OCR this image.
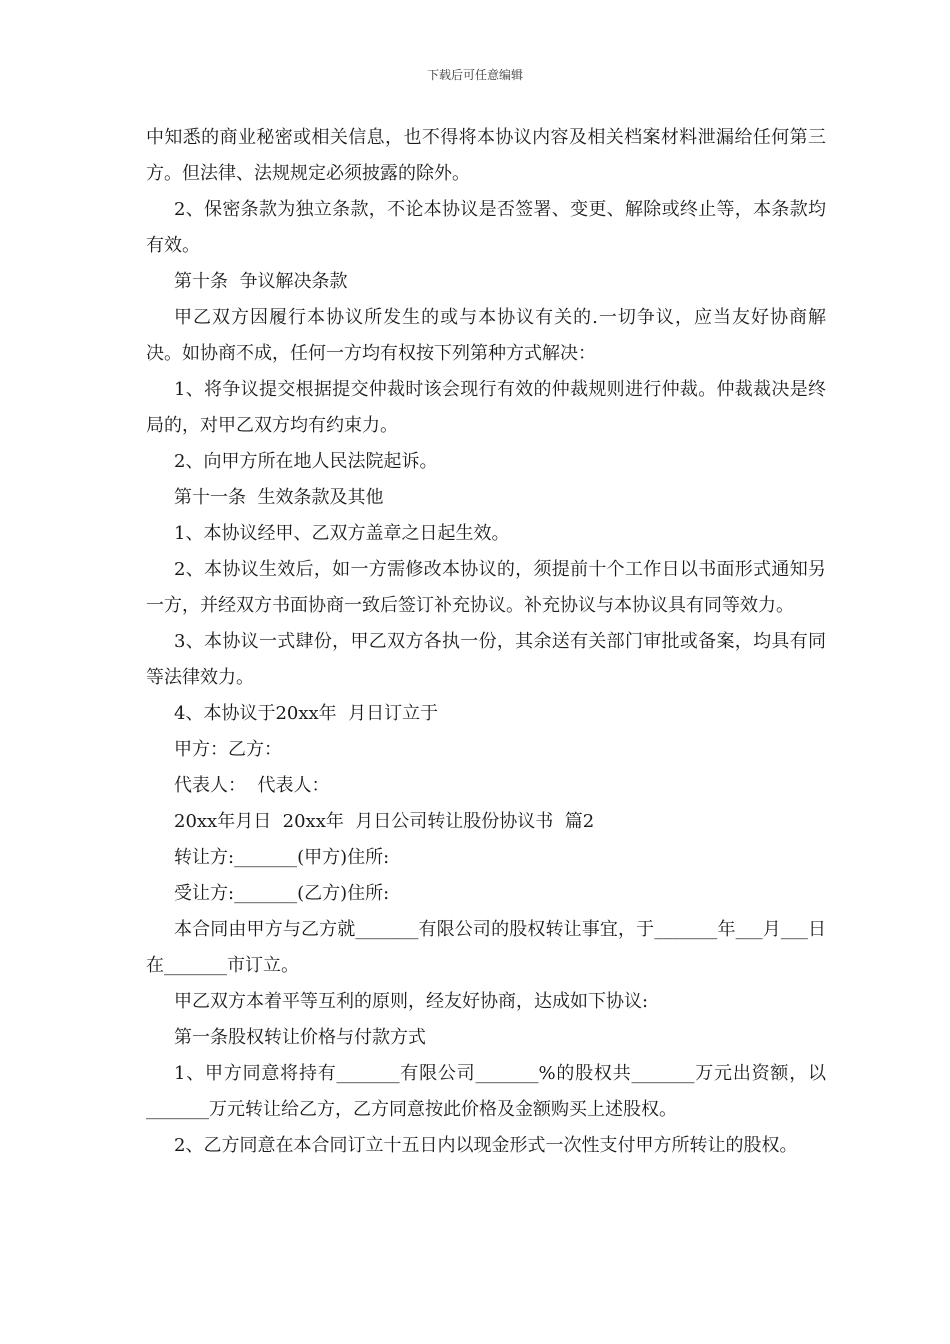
下载后可任意编辑

中知悉的商业秘密或相关信息，也不得将本协议内容及相关档案材料泄漏给任何第三方。但法律、法规规定必须披露的除外。

2、保密条款为独立条款，不论本协议是否签署、变更、解除或终止等，本条款均有效。

第十条  争议解决条款

甲乙双方因履行本协议所发生的或与本协议有关的.一切争议，应当友好协商解决。如协商不成，任何一方均有权按下列第种方式解决：

1、将争议提交根据提交仲裁时该会现行有效的仲裁规则进行仲裁。仲裁裁决是终局的，对甲乙双方均有约束力。

2、向甲方所在地人民法院起诉。

第十一条  生效条款及其他

1、本协议经甲、乙双方盖章之日起生效。

2、本协议生效后，如一方需修改本协议的，须提前十个工作日以书面形式通知另一方，并经双方书面协商一致后签订补充协议。补充协议与本协议具有同等效力。

3、本协议一式肆份，甲乙双方各执一份，其余送有关部门审批或备案，均具有同等法律效力。

4、本协议于20xx年  月日订立于

甲方：乙方：

代表人：  代表人：

20xx年月日  20xx年  月日公司转让股份协议书  篇2

转让方:_______(甲方)住所:

受让方:_______(乙方)住所:

本合同由甲方与乙方就_______有限公司的股权转让事宜，于_______年___月___日在_______市订立。

甲乙双方本着平等互利的原则，经友好协商，达成如下协议:

第一条股权转让价格与付款方式

1、甲方同意将持有_______有限公司_______%的股权共_______万元出资额，以_______万元转让给乙方，乙方同意按此价格及金额购买上述股权。

2、乙方同意在本合同订立十五日内以现金形式一次性支付甲方所转让的股权。
